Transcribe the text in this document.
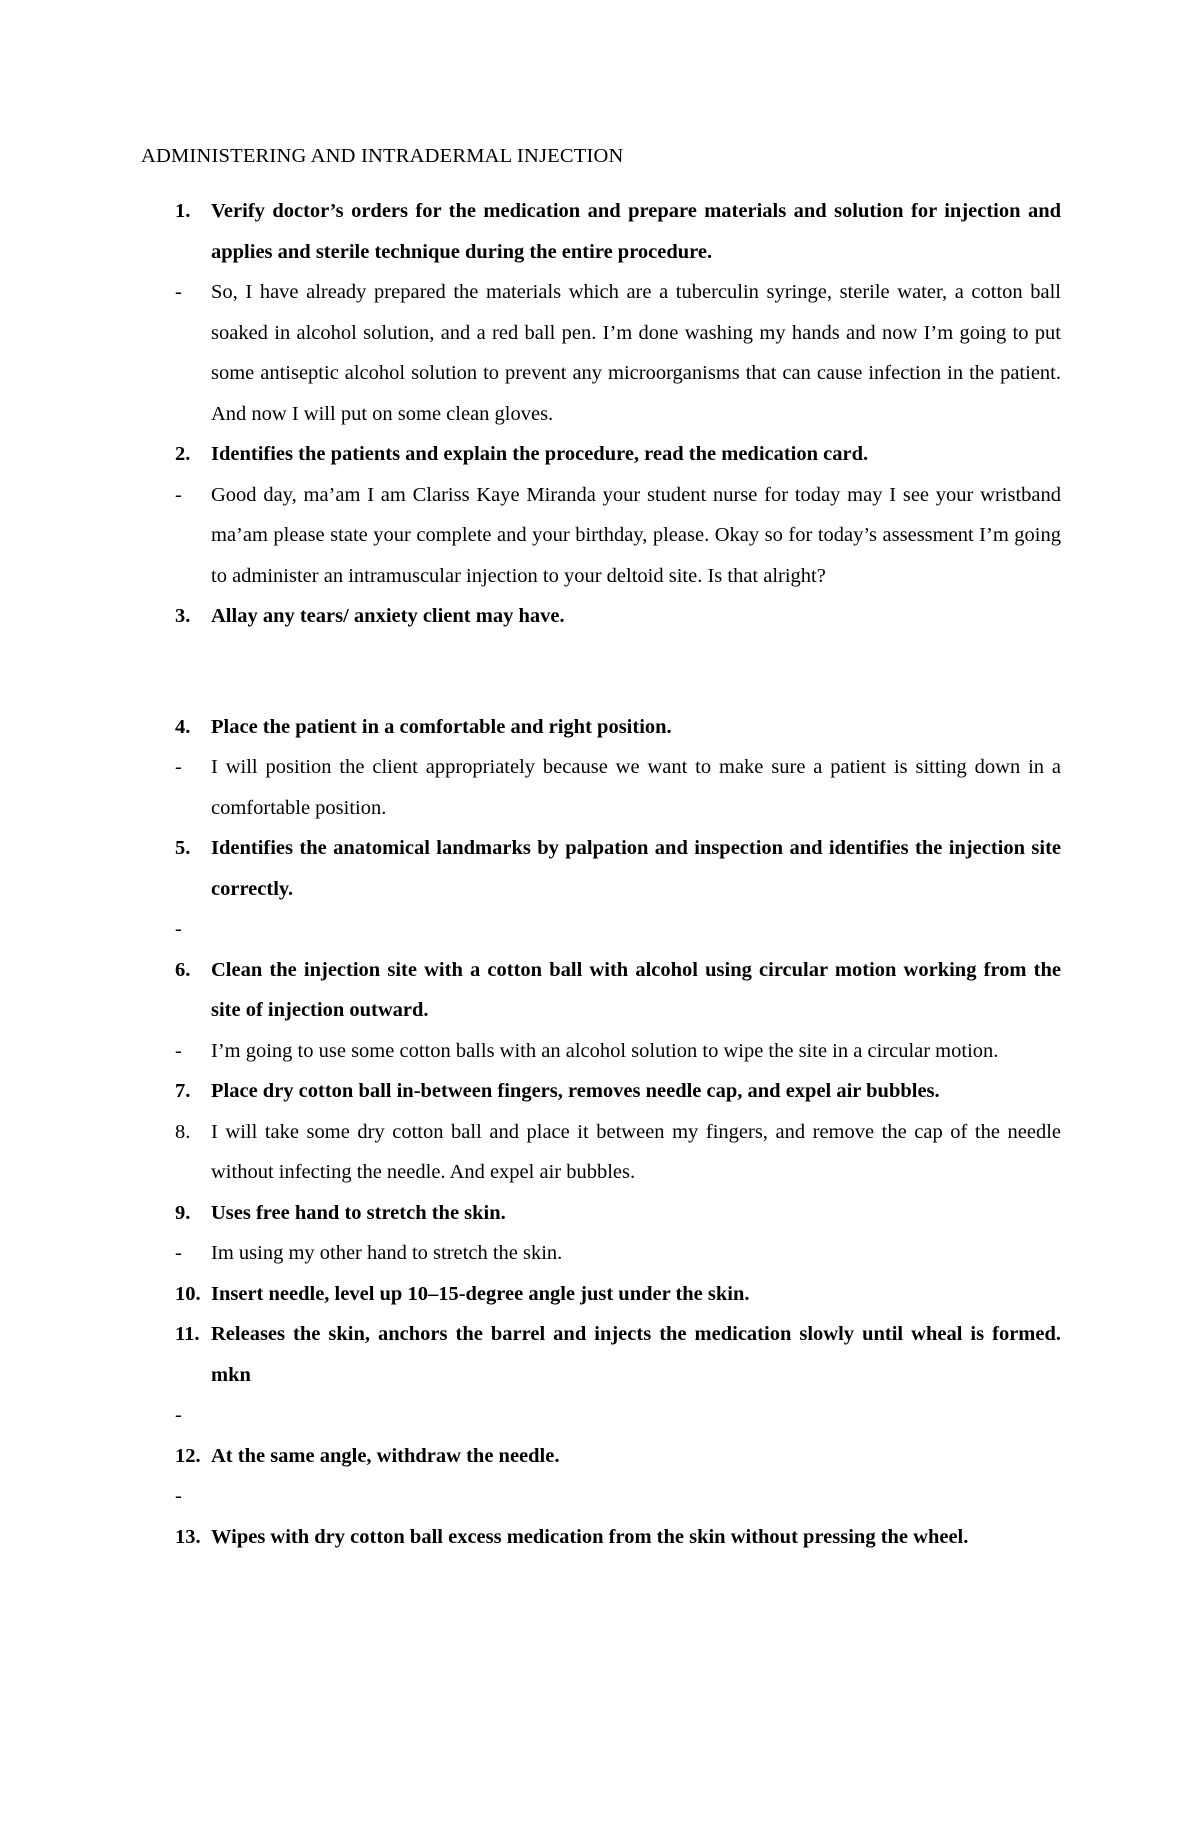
ADMINISTERING AND INTRADERMAL INJECTION
1.	Verify doctor’s orders for the medication and prepare materials and solution for injection and applies and sterile technique during the entire procedure.
-	So, I have already prepared the materials which are a tuberculin syringe, sterile water, a cotton ball soaked in alcohol solution, and a red ball pen. I’m done washing my hands and now I’m going to put some antiseptic alcohol solution to prevent any microorganisms that can cause infection in the patient. And now I will put on some clean gloves.
2.	Identifies the patients and explain the procedure, read the medication card.
-	Good day, ma’am I am Clariss Kaye Miranda your student nurse for today may I see your wristband ma’am please state your complete and your birthday, please. Okay so for today’s assessment I’m going to administer an intramuscular injection to your deltoid site. Is that alright?
3.	Allay any tears/ anxiety client may have.
4.	Place the patient in a comfortable and right position.
-	I will position the client appropriately because we want to make sure a patient is sitting down in a comfortable position.
5.	Identifies the anatomical landmarks by palpation and inspection and identifies the injection site correctly.
-
6.	Clean the injection site with a cotton ball with alcohol using circular motion working from the site of injection outward.
-	I’m going to use some cotton balls with an alcohol solution to wipe the site in a circular motion.
7.	Place dry cotton ball in-between fingers, removes needle cap, and expel air bubbles.
8.	I will take some dry cotton ball and place it between my fingers, and remove the cap of the needle without infecting the needle. And expel air bubbles.
9.	Uses free hand to stretch the skin.
-	Im using my other hand to stretch the skin.
10. Insert needle, level up 10–15-degree angle just under the skin.
11. Releases the skin, anchors the barrel and injects the medication slowly until wheal is formed. mkn
-
12. At the same angle, withdraw the needle.
-
13. Wipes with dry cotton ball excess medication from the skin without pressing the wheel.
